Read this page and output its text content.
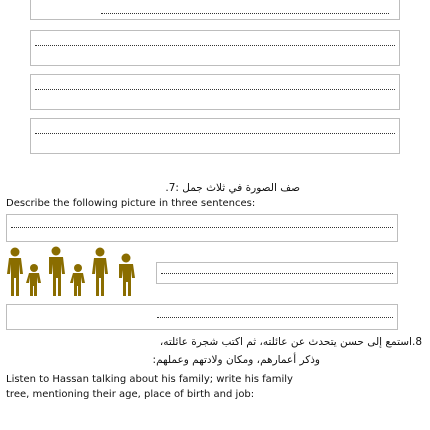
صف الصورة في ثلاث جمل :7.
Describe the following picture in three sentences:
8.استمع إلى حسن يتحدث عن عائلته، ثم اكتب شجرة عائلته،
وذكر أعمارهم، ومكان ولادتهم وعملهم:
Listen to Hassan talking about his family; write his family
tree, mentioning their age, place of birth and job:
